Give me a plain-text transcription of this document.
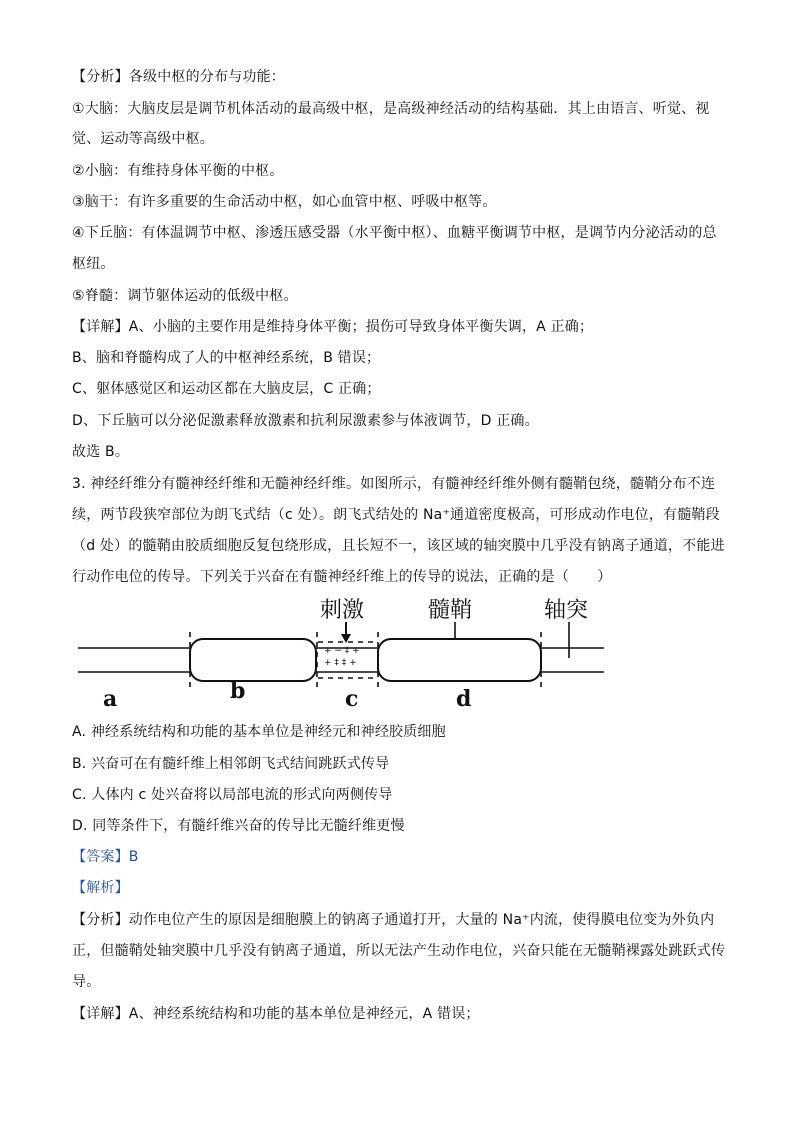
【分析】各级中枢的分布与功能：
①大脑：大脑皮层是调节机体活动的最高级中枢，是高级神经活动的结构基础．其上由语言、听觉、视
觉、运动等高级中枢。
②小脑：有维持身体平衡的中枢。
③脑干：有许多重要的生命活动中枢，如心血管中枢、呼吸中枢等。
④下丘脑：有体温调节中枢、渗透压感受器（水平衡中枢）、血糖平衡调节中枢，是调节内分泌活动的总
枢纽。
⑤脊髓：调节躯体运动的低级中枢。
【详解】A、小脑的主要作用是维持身体平衡；损伤可导致身体平衡失调，A 正确；
B、脑和脊髓构成了人的中枢神经系统，B 错误；
C、躯体感觉区和运动区都在大脑皮层，C 正确；
D、下丘脑可以分泌促激素释放激素和抗利尿激素参与体液调节，D 正确。
故选 B。
3. 神经纤维分有髓神经纤维和无髓神经纤维。如图所示，有髓神经纤维外侧有髓鞘包绕，髓鞘分布不连
续，两节段狭窄部位为朗飞式结（c 处）。朗飞式结处的 Na⁺通道密度极高，可形成动作电位，有髓鞘段
（d 处）的髓鞘由胶质细胞反复包绕形成，且长短不一，该区域的轴突膜中几乎没有钠离子通道，不能进
行动作电位的传导。下列关于兴奋在有髓神经纤维上的传导的说法，正确的是（　　）
+ − ‡ +
+ ‡ ‡ +
刺激	髓鞘	轴突
a	b	c	d
A. 神经系统结构和功能的基本单位是神经元和神经胶质细胞
B. 兴奋可在有髓纤维上相邻朗飞式结间跳跃式传导
C. 人体内 c 处兴奋将以局部电流的形式向两侧传导
D. 同等条件下，有髓纤维兴奋的传导比无髓纤维更慢
【答案】B
【解析】
【分析】动作电位产生的原因是细胞膜上的钠离子通道打开，大量的 Na⁺内流，使得膜电位变为外负内
正，但髓鞘处轴突膜中几乎没有钠离子通道，所以无法产生动作电位，兴奋只能在无髓鞘裸露处跳跃式传
导。
【详解】A、神经系统结构和功能的基本单位是神经元，A 错误；
